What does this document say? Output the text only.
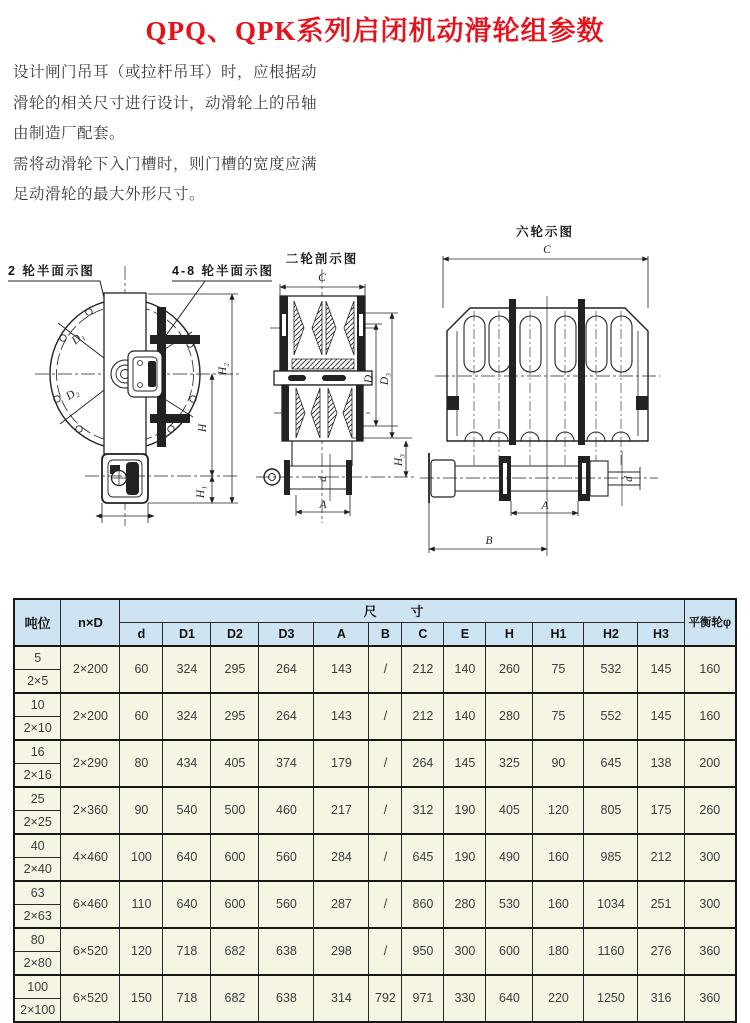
QPQ、QPK系列启闭机动滑轮组参数

设计闸门吊耳（或拉杆吊耳）时，应根据动

滑轮的相关尺寸进行设计，动滑轮上的吊轴

由制造厂配套。

需将动滑轮下入门槽时，则门槽的宽度应满

足动滑轮的最大外形尺寸。

2 轮半面示图	4-8 轮半面示图
D₁
D₂
H₂
H
H₁
二轮剖示图
C
d
A
D D₃
H₃
六轮示图
C
d
A
B
吨位	n×D	尺寸												平衡轮φ
		d	D1	D2	D3	A	B	C	E	H	H1	H2	H3	
5	2×200	60	324	295	264	143	/	212	140	260	75	532	145	160
2×5														
10	2×200	60	324	295	264	143	/	212	140	280	75	552	145	160
2×10														
16	2×290	80	434	405	374	179	/	264	145	325	90	645	138	200
2×16														
25	2×360	90	540	500	460	217	/	312	190	405	120	805	175	260
2×25														
40	4×460	100	640	600	560	284	/	645	190	490	160	985	212	300
2×40														
63	6×460	110	640	600	560	287	/	860	280	530	160	1034	251	300
2×63														
80	6×520	120	718	682	638	298	/	950	300	600	180	1160	276	360
2×80														
100	6×520	150	718	682	638	314	792	971	330	640	220	1250	316	360
2×100														
